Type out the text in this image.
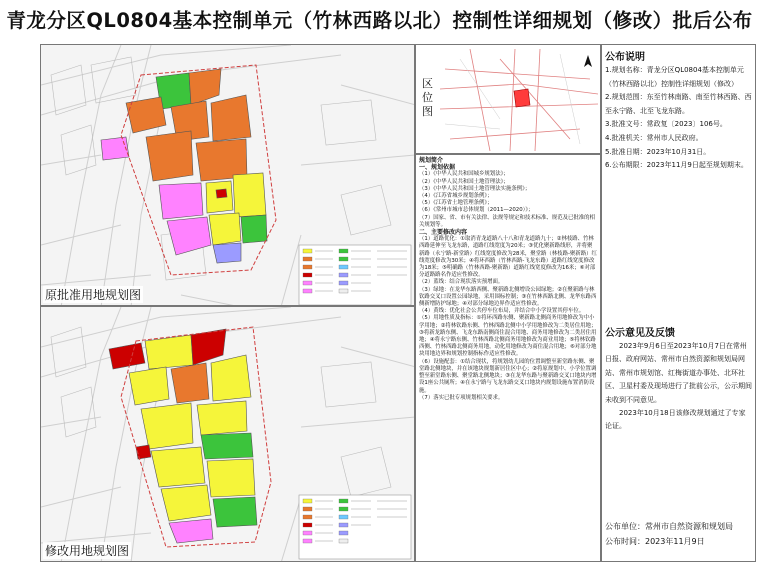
青龙分区QL0804基本控制单元（竹林西路以北）控制性详细规划（修改）批后公布
原批准用地规划图
修改用地规划图
区位图

规划简介

一、规划依据

（1）《中华人民共和国城乡规划法》；

（2）《中华人民共和国土地管理法》；

（3）《中华人民共和国土地管理法实施条例》；

（4）《江苏省城乡规划条例》；

（5）《江苏省土地管理条例》；

（6）《常州市城市总体规划（2011—2020）》；

（7）国家、省、市有关法律、法规等规定和技术标准、规范及已批准的相关规划等。

二、主要修改内容

（1）道路优化：①取消青龙道路八十八和青龙道路九十；②林枝路、竹林西路延伸至飞龙东路，道路红线宽度为20米；③优化聚新路线形，并将聚新路（永宁路-新堂路）红线宽度修改为28米，聚堂路（林枝路-聚新路）红线宽度修改为30米；④将环西路（竹林西路-飞龙东路）道路红线宽度修改为18米；⑤明确路（竹林西路-聚新路）道路红线宽度修改为16米；⑥对部分道路路名作适应性修改。

（2）蓝线：结合现状落实预增面。

（3）绿地：在龙华东路西侧、聚新路北侧增设公园绿地；②在聚新路与林钦路交叉口设置公园绿地，采用围标控制；③在竹林西路北侧、龙华东路西侧新增防护绿地；④对部分绿地边界作适应性修改。

（4）黄线：优化社会公共停车位布局，并结合中小学设置其停车位。

（5）用地性质及指标：①将环西路东侧、聚新路北侧商务用地修改为中小学用地；②将林钦路东侧、竹林西路北侧中小学用地修改为二类居住用地；③将新龙路东侧、飞龙东路南侧商住混合用地、商务用地修改为二类居住用地；④将永宁路东侧、竹林西路北侧商务用地修改为商业用地；⑤将林钦路西侧、竹林西路北侧商务用地，动化用地修改为商住混合用地；⑥对部分地块用地边界和规划控制指标作适应性修改。

（6）设施配套：①结合现状，将规划幼儿园的位置调整至新堂路东侧、聚堂路北侧地块，并在该地块规划新居住区中心；②将原规划中、小学位置调整至新堂路东侧、聚堂路北侧地块；③在龙华东路与聚新路交叉口地块内增设1座公共厕所；④在永宁路与飞龙东路交叉口地块内规划设施布置消防设施。

（7）落实已批专项规划相关要求。

公布说明

1.规划名称：青龙分区QL0804基本控制单元（竹林西路以北）控制性详细规划（修改）

2.规划范围：东至竹林南路、南至竹林西路、西至永宁路、北至飞龙东路。

3.批准文号：常政复〔2023〕106号。

4.批准机关：常州市人民政府。

5.批准日期：2023年10月31日。

6.公布期限：2023年11月9日起至规划期末。

公示意见及反馈

2023年9月6日至2023年10月7日在常州日报、政府网站、常州市自然资源和规划局网站、常州市规划馆、红梅街道办事处、北环社区、卫星村委及现场进行了批前公示，公示期间未收到不同意见。

2023年10月18日该修改规划通过了专家论证。

公布单位：常州市自然资源和规划局
公布时间：2023年11月9日
